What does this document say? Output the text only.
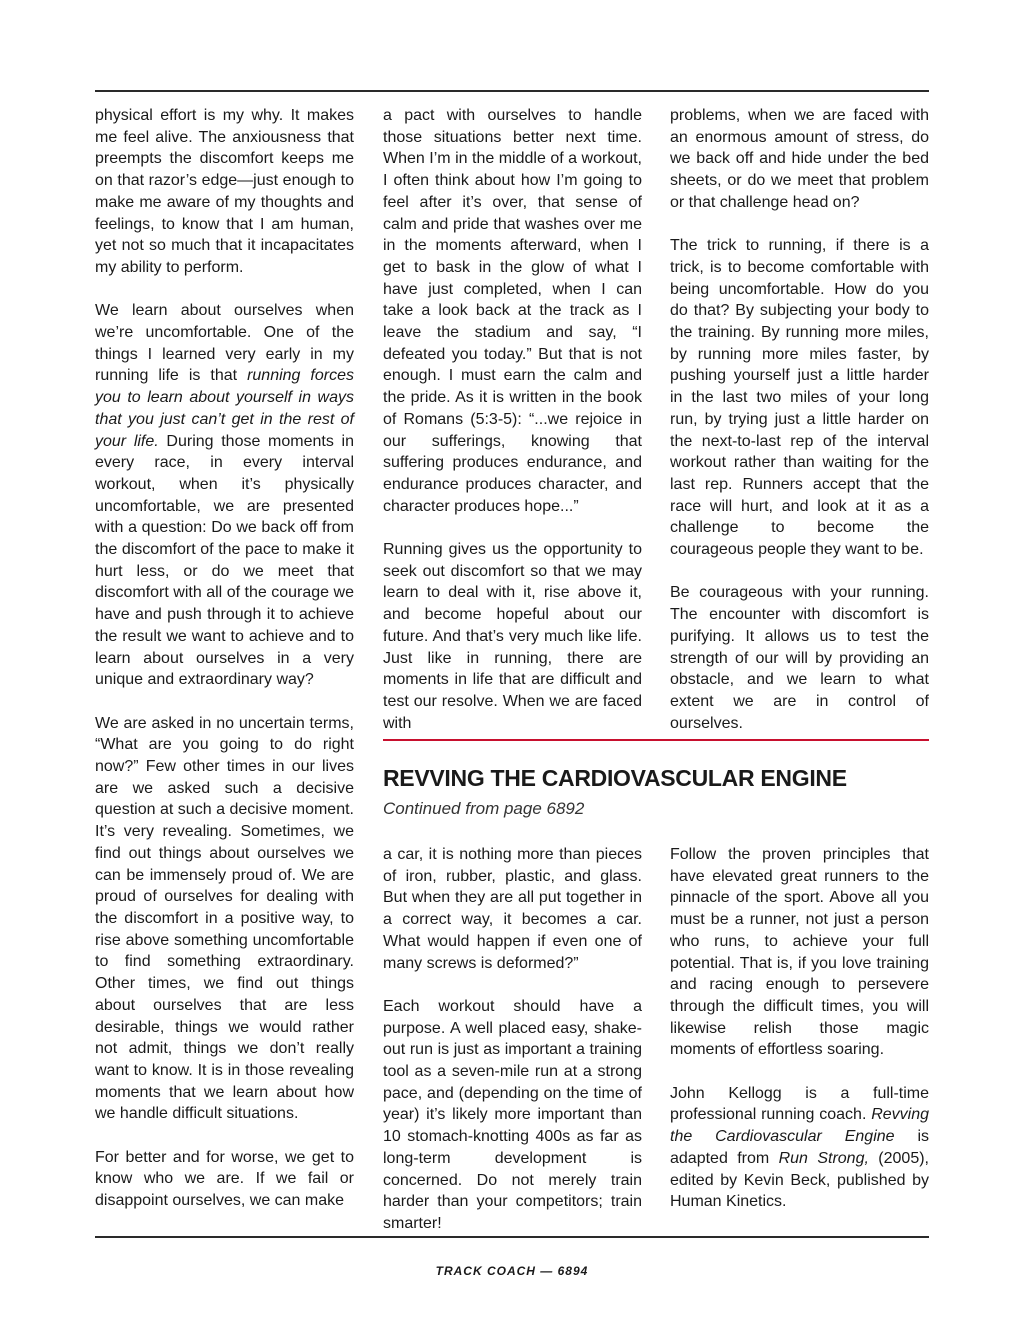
physical effort is my why. It makes me feel alive. The anxiousness that preempts the discomfort keeps me on that razor’s edge—just enough to make me aware of my thoughts and feelings, to know that I am human, yet not so much that it incapacitates my ability to perform.

We learn about ourselves when we’re uncomfortable. One of the things I learned very early in my running life is that running forces you to learn about yourself in ways that you just can’t get in the rest of your life. During those moments in every race, in every interval workout, when it’s physically uncomfortable, we are presented with a question: Do we back off from the discomfort of the pace to make it hurt less, or do we meet that discomfort with all of the courage we have and push through it to achieve the result we want to achieve and to learn about ourselves in a very unique and extraordinary way?

We are asked in no uncertain terms, “What are you going to do right now?” Few other times in our lives are we asked such a decisive question at such a decisive moment. It’s very revealing. Sometimes, we find out things about ourselves we can be immensely proud of. We are proud of ourselves for dealing with the discomfort in a positive way, to rise above something uncomfortable to find something extraordinary. Other times, we find out things about ourselves that are less desirable, things we would rather not admit, things we don’t really want to know. It is in those revealing moments that we learn about how we handle difficult situations.

For better and for worse, we get to know who we are. If we fail or disappoint ourselves, we can make

a pact with ourselves to handle those situations better next time. When I’m in the middle of a workout, I often think about how I’m going to feel after it’s over, that sense of calm and pride that washes over me in the moments afterward, when I get to bask in the glow of what I have just completed, when I can take a look back at the track as I leave the stadium and say, “I defeated you today.” But that is not enough. I must earn the calm and the pride. As it is written in the book of Romans (5:3-5): “...we rejoice in our sufferings, knowing that suffering produces endurance, and endurance produces character, and character produces hope...”

Running gives us the opportunity to seek out discomfort so that we may learn to deal with it, rise above it, and become hopeful about our future. And that’s very much like life. Just like in running, there are moments in life that are difficult and test our resolve. When we are faced with

problems, when we are faced with an enormous amount of stress, do we back off and hide under the bed sheets, or do we meet that problem or that challenge head on?

The trick to running, if there is a trick, is to become comfortable with being uncomfortable. How do you do that? By subjecting your body to the training. By running more miles, by running more miles faster, by pushing yourself just a little harder in the last two miles of your long run, by trying just a little harder on the next-to-last rep of the interval workout rather than waiting for the last rep. Runners accept that the race will hurt, and look at it as a challenge to become the courageous people they want to be.

Be courageous with your running. The encounter with discomfort is purifying. It allows us to test the strength of our will by providing an obstacle, and we learn to what extent we are in control of ourselves.

REVVING THE CARDIOVASCULAR ENGINE
Continued from page 6892

a car, it is nothing more than pieces of iron, rubber, plastic, and glass. But when they are all put together in a correct way, it becomes a car. What would happen if even one of many screws is deformed?”

Each workout should have a purpose. A well placed easy, shake-out run is just as important a training tool as a seven-mile run at a strong pace, and (depending on the time of year) it’s likely more important than 10 stomach-knotting 400s as far as long-term development is concerned. Do not merely train harder than your competitors; train smarter!

Follow the proven principles that have elevated great runners to the pinnacle of the sport. Above all you must be a runner, not just a person who runs, to achieve your full potential. That is, if you love training and racing enough to persevere through the difficult times, you will likewise relish those magic moments of effortless soaring.

John Kellogg is a full-time professional running coach. Revving the Cardiovascular Engine is adapted from Run Strong, (2005), edited by Kevin Beck, published by Human Kinetics.

TRACK COACH — 6894
